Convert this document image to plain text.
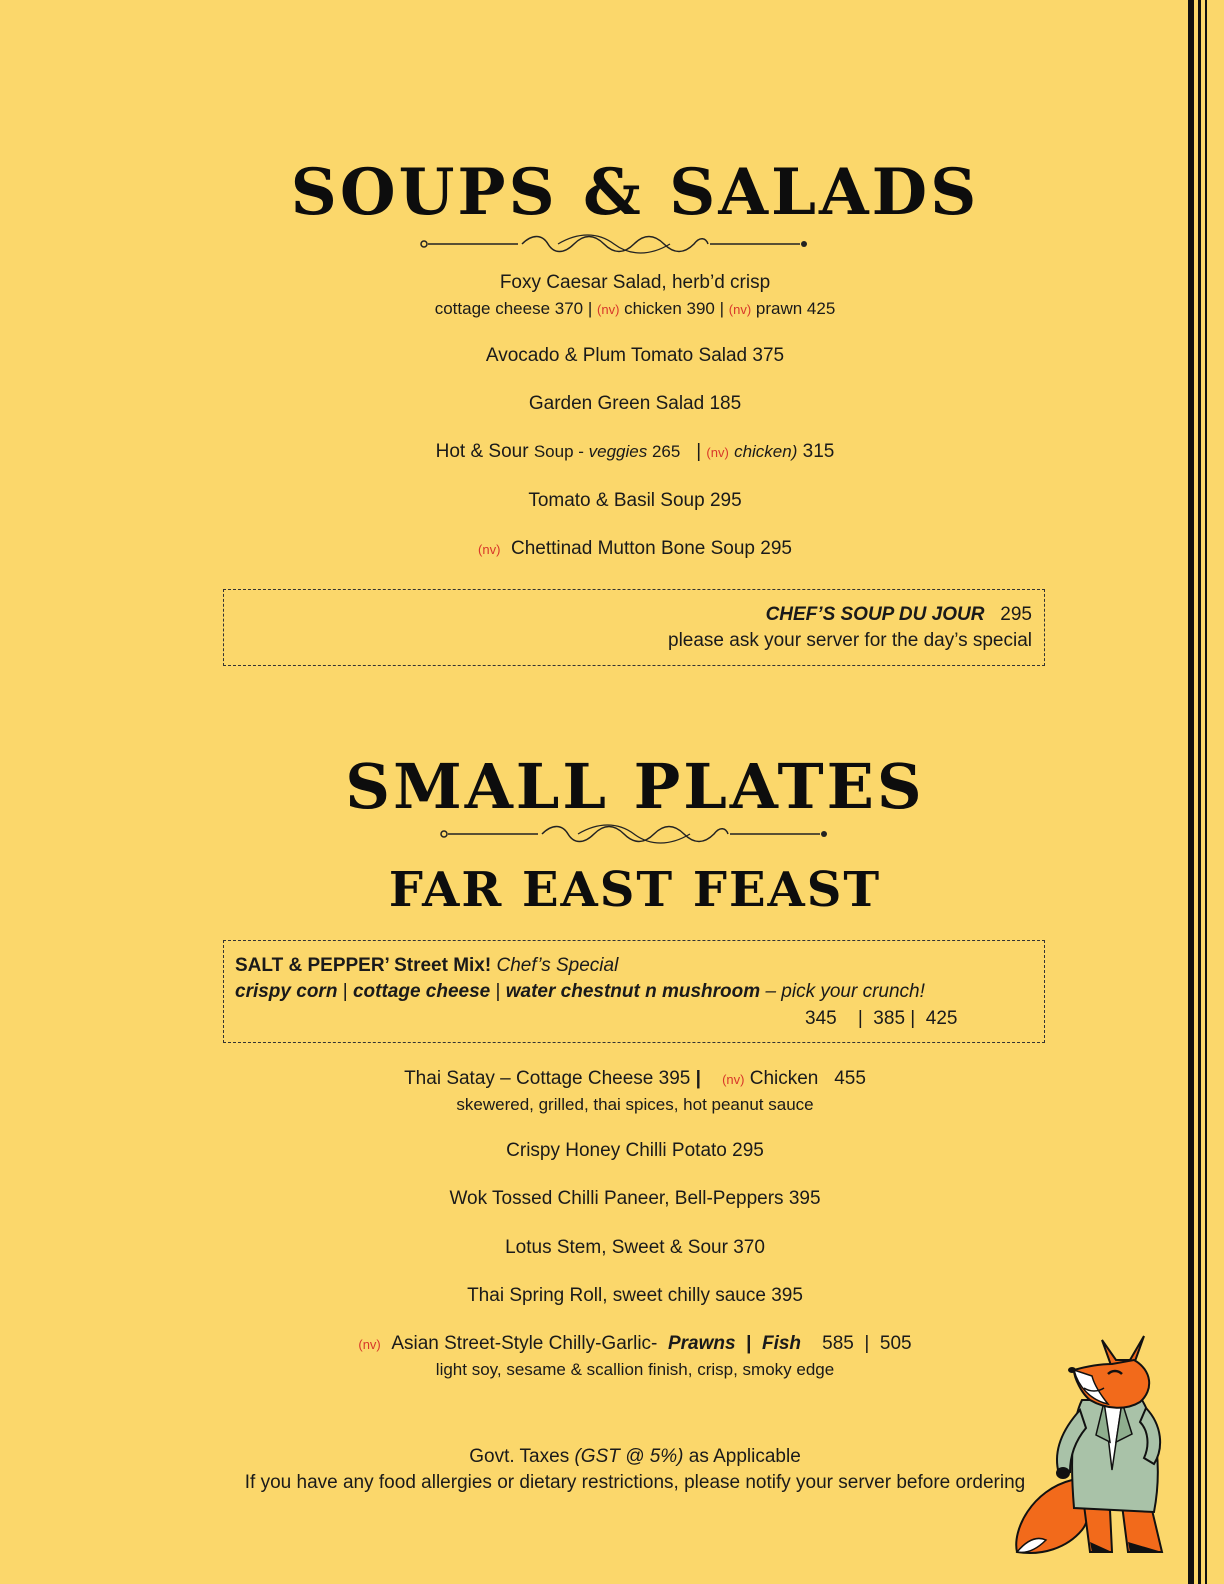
SOUPS & SALADS
Foxy Caesar Salad, herb’d crisp
cottage cheese 370 | (nv) chicken 390 | (nv) prawn 425
Avocado & Plum Tomato Salad 375
Garden Green Salad 185
Hot & Sour Soup - veggies 265 | (nv) chicken) 315
Tomato & Basil Soup 295
(nv) Chettinad Mutton Bone Soup 295
CHEF’S SOUP DU JOUR 295
please ask your server for the day’s special
SMALL PLATES
FAR EAST FEAST
SALT & PEPPER’ Street Mix! Chef’s Special
crispy corn | cottage cheese | water chestnut n mushroom – pick your crunch!
345    |  385 |  425
Thai Satay – Cottage Cheese 395 | (nv) Chicken   455
skewered, grilled, thai spices, hot peanut sauce
Crispy Honey Chilli Potato 295
Wok Tossed Chilli Paneer, Bell-Peppers 395
Lotus Stem, Sweet & Sour 370
Thai Spring Roll, sweet chilly sauce 395
(nv) Asian Street-Style Chilly-Garlic-  Prawns | Fish 585  |  505
light soy, sesame & scallion finish, crisp, smoky edge
Govt. Taxes (GST @ 5%) as Applicable
If you have any food allergies or dietary restrictions, please notify your server before ordering
